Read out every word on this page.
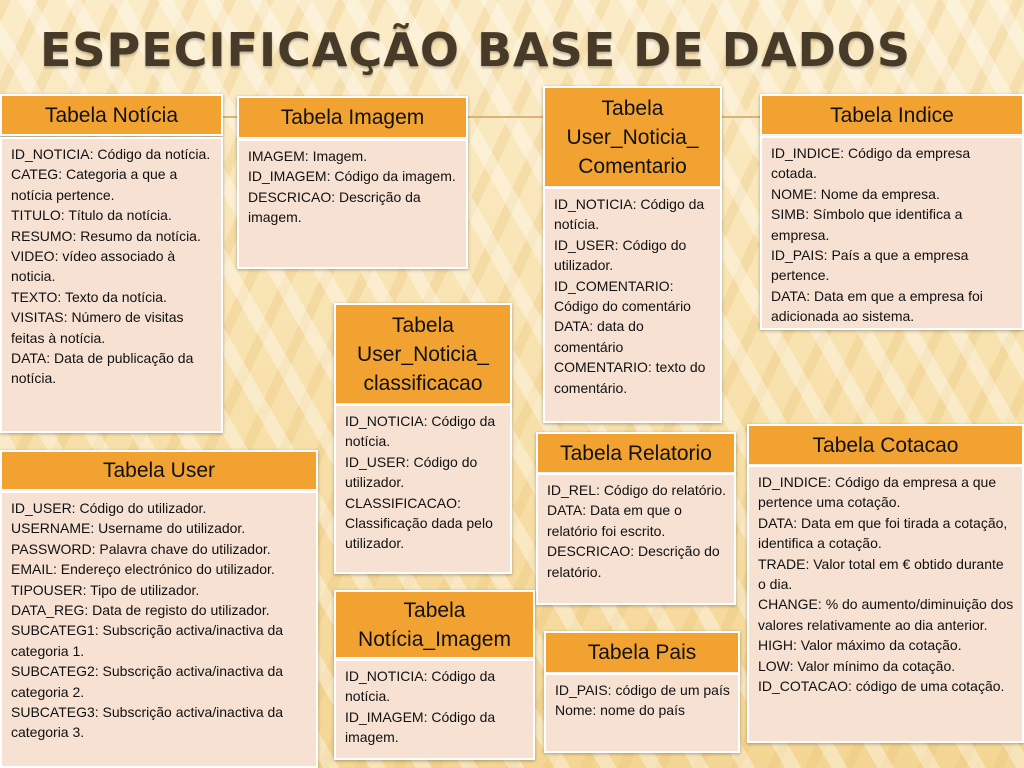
ESPECIFICAÇÃO BASE DE DADOS
Tabela Notícia

ID_NOTICIA: Código da notícia.

CATEG: Categoria a que a notícia pertence.

TITULO: Título da notícia.

RESUMO: Resumo da notícia.

VIDEO: vídeo associado à noticia.

TEXTO: Texto da notícia.

VISITAS: Número de visitas feitas à notícia.

DATA: Data de publicação da notícia.

Tabela Imagem

IMAGEM: Imagem.

ID_IMAGEM: Código da imagem.

DESCRICAO: Descrição da imagem.

Tabela User_Noticia_ Comentario

ID_NOTICIA: Código da notícia.

ID_USER: Código do utilizador.

ID_COMENTARIO:Código do comentário

DATA: data do comentário

COMENTARIO: texto do comentário.

Tabela Indice

ID_INDICE: Código da empresa cotada.

NOME: Nome da empresa.

SIMB: Símbolo que identifica a empresa.

ID_PAIS: País a que a empresa pertence.

DATA: Data em que a empresa foi adicionada ao sistema.

Tabela User_Noticia_ classificacao

ID_NOTICIA: Código da notícia.

ID_USER: Código do utilizador.

CLASSIFICACAO:Classificação dada pelo utilizador.

Tabela User

ID_USER: Código do utilizador.

USERNAME: Username do utilizador.

PASSWORD: Palavra chave do utilizador.

EMAIL: Endereço electrónico do utilizador.

TIPOUSER: Tipo de utilizador.

DATA_REG: Data de registo do utilizador.

SUBCATEG1: Subscrição activa/inactiva da categoria 1.

SUBCATEG2: Subscrição activa/inactiva da categoria 2.

SUBCATEG3: Subscrição activa/inactiva da categoria 3.

Tabela Relatorio

ID_REL: Código do relatório.

DATA: Data em que o relatório foi escrito.

DESCRICAO: Descrição do relatório.

Tabela Cotacao

ID_INDICE: Código da empresa a que pertence uma cotação.

DATA: Data em que foi tirada a cotação, identifica a cotação.

TRADE: Valor total em € obtido durante o dia.

CHANGE: % do aumento/diminuição dos valores relativamente ao dia anterior.

HIGH: Valor máximo da cotação.

LOW: Valor mínimo da cotação.

ID_COTACAO: código de uma cotação.

Tabela Notícia_Imagem

ID_NOTICIA: Código da notícia.

ID_IMAGEM: Código da imagem.

Tabela Pais

ID_PAIS: código de um país

Nome: nome do país
